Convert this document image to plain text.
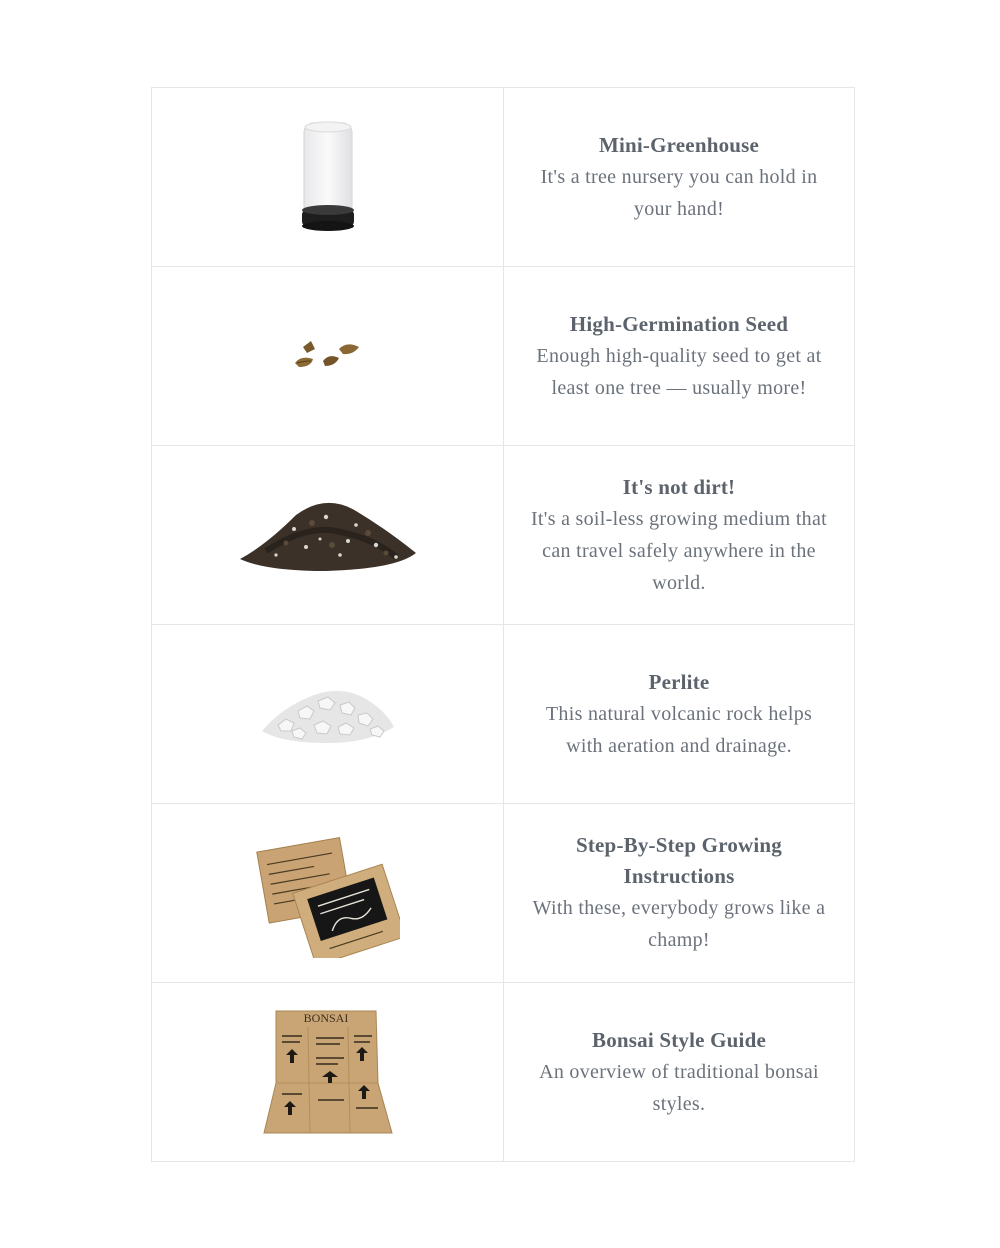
Mini-Greenhouse
It's a tree nursery you can hold in your hand!
High-Germination Seed
Enough high-quality seed to get at least one tree — usually more!
It's not dirt!
It's a soil-less growing medium that can travel safely anywhere in the world.
Perlite
This natural volcanic rock helps with aeration and drainage.
Step-By-Step Growing Instructions
With these, everybody grows like a champ!
BONSAI
Bonsai Style Guide
An overview of traditional bonsai styles.
